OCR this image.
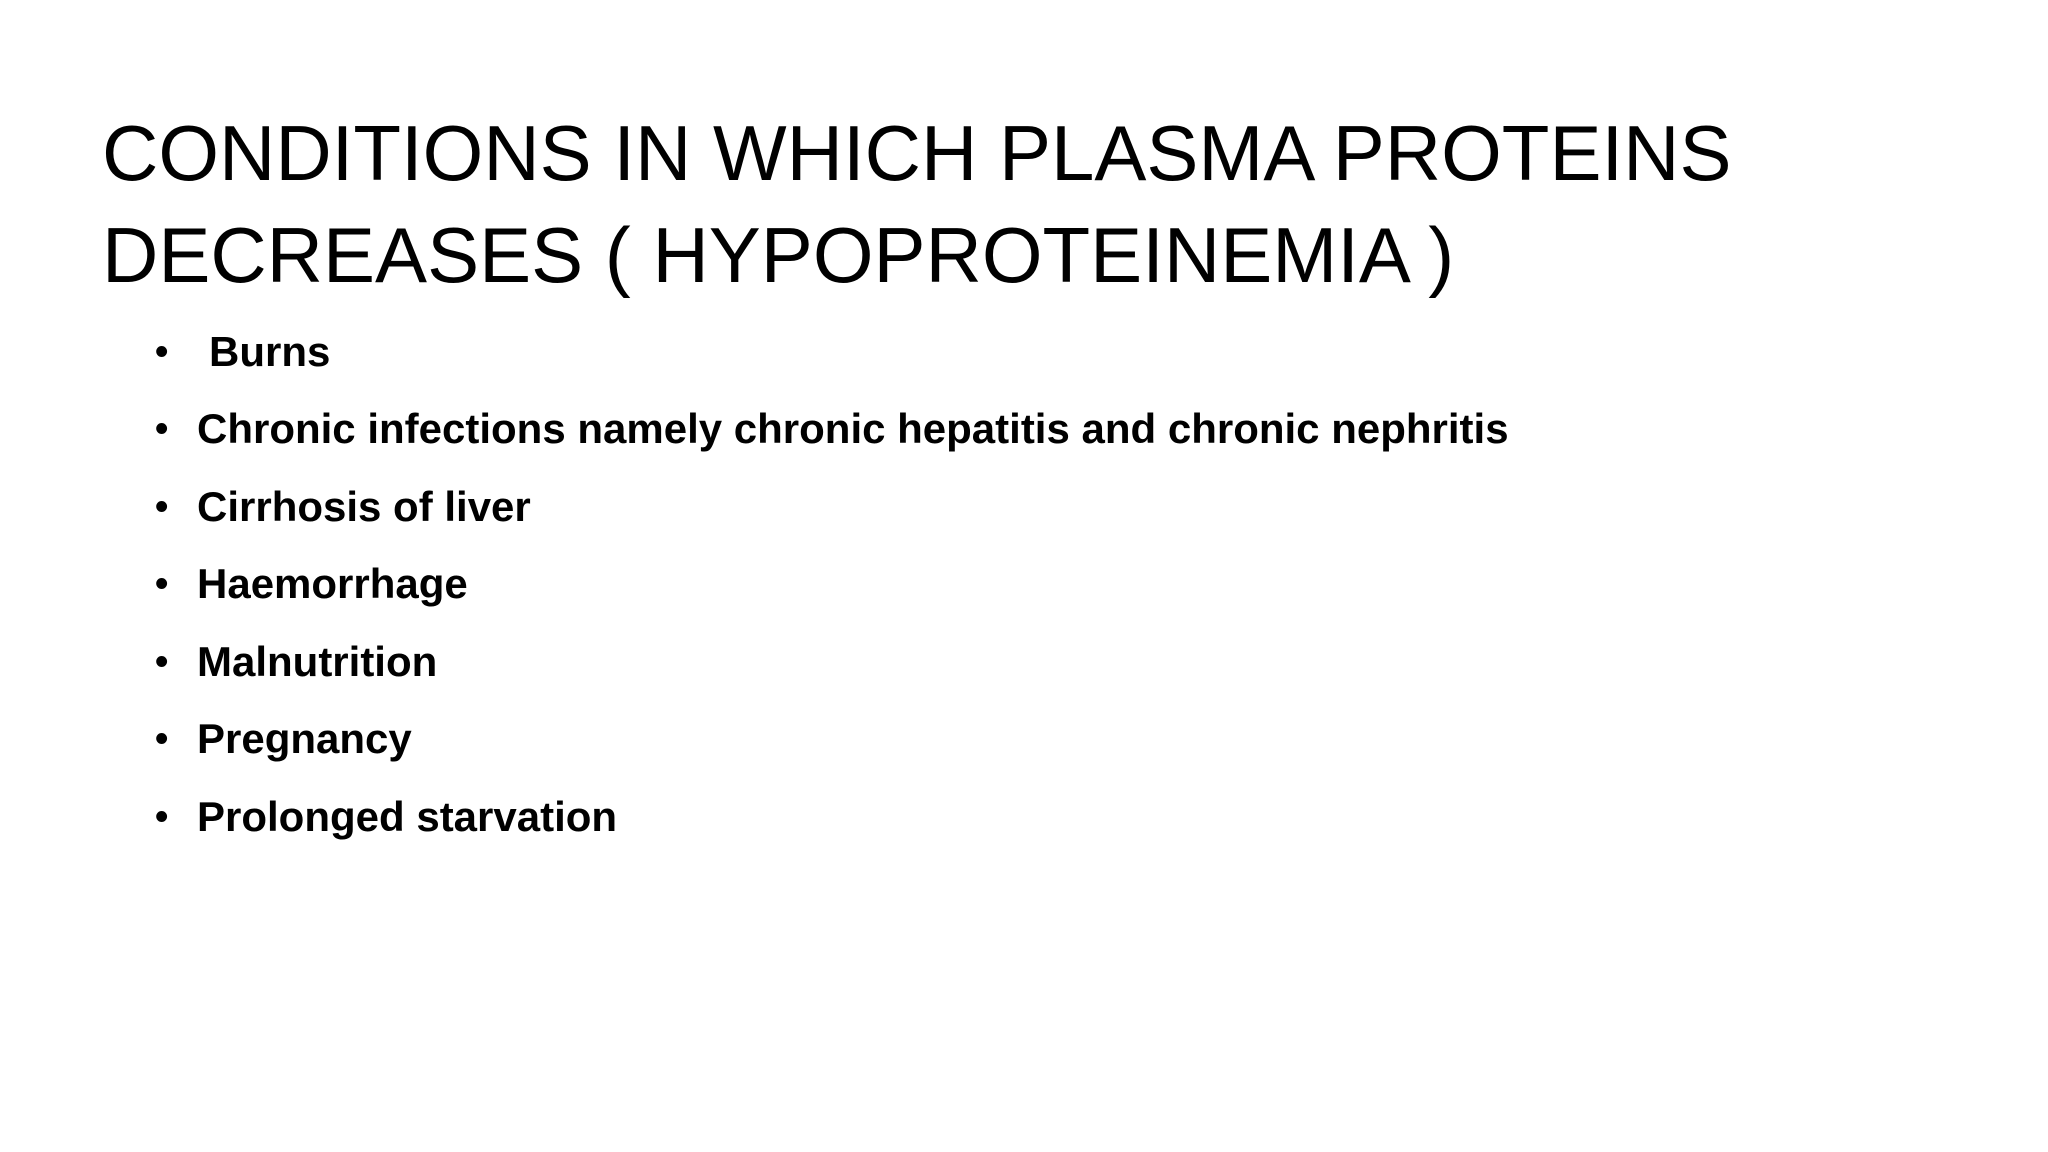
CONDITIONS IN WHICH PLASMA PROTEINS
DECREASES ( HYPOPROTEINEMIA )
• Burns
• Chronic infections namely chronic hepatitis and chronic nephritis
• Cirrhosis of liver
• Haemorrhage
• Malnutrition
• Pregnancy
• Prolonged starvation
